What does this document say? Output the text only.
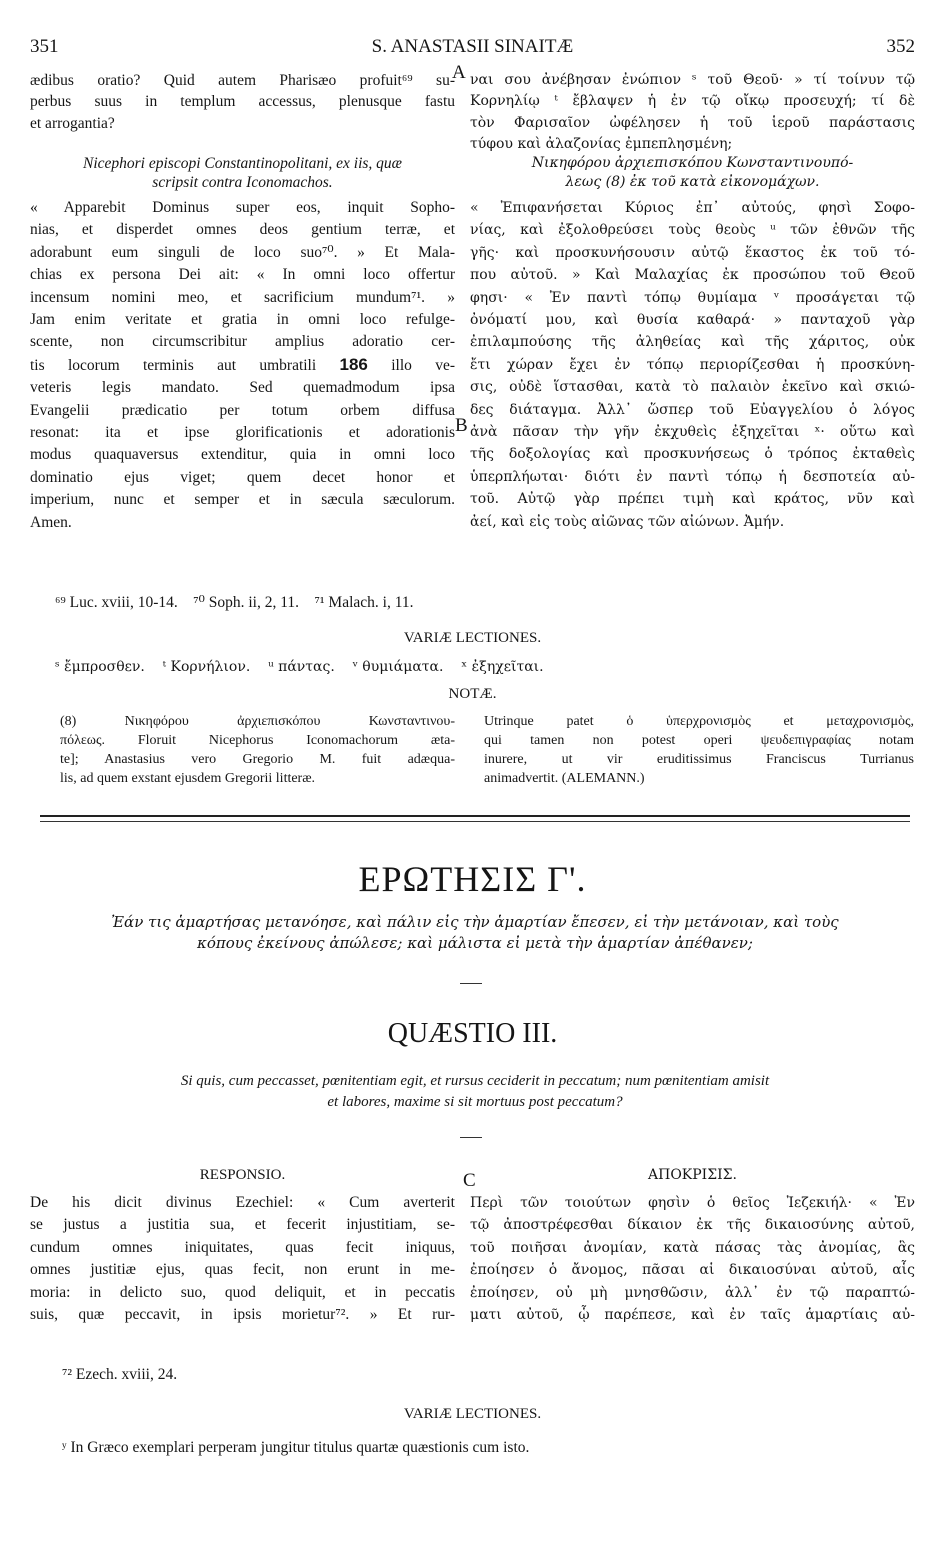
351	S. ANASTASII SINAITÆ	352
A
B
C
ædibus oratio? Quid autem Pharisæo profuit⁶⁹ su-
perbus suus in templum accessus, plenusque fastu
et arrogantia?
ναι σου ἀνέβησαν ἐνώπιον ˢ τοῦ Θεοῦ· » τί τοίνυν τῷ
Κορνηλίῳ ᵗ ἔβλαψεν ἡ ἐν τῷ οἴκῳ προσευχή; τί δὲ
τὸν Φαρισαῖον ὠφέλησεν ἡ τοῦ ἱεροῦ παράστασις
τύφου καὶ ἀλαζονίας ἐμπεπλησμένη;
Nicephori episcopi Constantinopolitani, ex iis, quæ
scripsit contra Iconomachos.
Νικηφόρου ἀρχιεπισκόπου Κωνσταντινουπό-
λεως (8) ἐκ τοῦ κατὰ εἰκονομάχων.
« Apparebit Dominus super eos, inquit Sopho-
nias, et disperdet omnes deos gentium terræ, et
adorabunt eum singuli de loco suo⁷⁰. » Et Mala-
chias ex persona Dei ait: « In omni loco offertur
incensum nomini meo, et sacrificium mundum⁷¹. »
Jam enim veritate et gratia in omni loco refulge-
scente, non circumscribitur amplius adoratio cer-
tis locorum terminis aut umbratili 186 illo ve-
veteris legis mandato. Sed quemadmodum ipsa
Evangelii prædicatio per totum orbem diffusa
resonat: ita et ipse glorificationis et adorationis
modus quaquaversus extenditur, quia in omni loco
dominatio ejus viget; quem decet honor et
imperium, nunc et semper et in sæcula sæculorum.
Amen.
« Ἐπιφανήσεται Κύριος ἐπ᾽ αὐτούς, φησὶ Σοφο-
νίας, καὶ ἐξολοθρεύσει τοὺς θεοὺς ᵘ τῶν ἐθνῶν τῆς
γῆς· καὶ προσκυνήσουσιν αὐτῷ ἕκαστος ἐκ τοῦ τό-
που αὐτοῦ. » Καὶ Μαλαχίας ἐκ προσώπου τοῦ Θεοῦ
φησι· « Ἐν παντὶ τόπῳ θυμίαμα ᵛ προσάγεται τῷ
ὀνόματί μου, καὶ θυσία καθαρά· » πανταχοῦ γὰρ
ἐπιλαμπούσης τῆς ἀληθείας καὶ τῆς χάριτος, οὐκ
ἔτι χώραν ἔχει ἐν τόπῳ περιορίζεσθαι ἡ προσκύνη-
σις, οὐδὲ ἵστασθαι, κατὰ τὸ παλαιὸν ἐκεῖνο καὶ σκιώ-
δες διάταγμα. Ἀλλ᾽ ὥσπερ τοῦ Εὐαγγελίου ὁ λόγος
ἀνὰ πᾶσαν τὴν γῆν ἐκχυθεὶς ἐξηχεῖται ˣ· οὕτω καὶ
τῆς δοξολογίας καὶ προσκυνήσεως ὁ τρόπος ἐκταθεὶς
ὑπερπλήωται· διότι ἐν παντὶ τόπῳ ἡ δεσποτεία αὐ-
τοῦ. Αὐτῷ γὰρ πρέπει τιμὴ καὶ κράτος, νῦν καὶ
ἀεί, καὶ εἰς τοὺς αἰῶνας τῶν αἰώνων. Ἀμήν.
⁶⁹ Luc. xviii, 10-14.    ⁷⁰ Soph. ii, 2, 11.    ⁷¹ Malach. i, 11.
VARIÆ LECTIONES.
ˢ ἔμπροσθεν.    ᵗ Κορνήλιον.    ᵘ πάντας.    ᵛ θυμιάματα.    ˣ ἐξηχεῖται.
NOTÆ.
(8) Νικηφόρου ἀρχιεπισκόπου Κωνσταντινου-
πόλεως. Floruit Nicephorus Iconomachorum æta-
te]; Anastasius vero Gregorio M. fuit adæqua-
lis, ad quem exstant ejusdem Gregorii litteræ.
Utrinque patet ὁ ὑπερχρονισμὸς et μεταχρονισμὸς,
qui tamen non potest operi ψευδεπιγραφίας notam
inurere, ut vir eruditissimus Franciscus Turrianus
animadvertit. (ALEMANN.)
ΕΡΩΤΗΣΙΣ Γ'.
Ἐάν τις ἁμαρτήσας μετανόησε, καὶ πάλιν εἰς τὴν ἁμαρτίαν ἔπεσεν, εἰ τὴν μετάνοιαν, καὶ τοὺς
κόπους ἐκείνους ἀπώλεσε; καὶ μάλιστα εἰ μετὰ τὴν ἁμαρτίαν ἀπέθανεν;
QUÆSTIO III.
Si quis, cum peccasset, pœnitentiam egit, et rursus ceciderit in peccatum; num pœnitentiam amisit
et labores, maxime si sit mortuus post peccatum?
RESPONSIO.	ΑΠΟΚΡΙΣΙΣ.
De his dicit divinus Ezechiel: « Cum averterit
se justus a justitia sua, et fecerit injustitiam, se-
cundum omnes iniquitates, quas fecit iniquus,
omnes justitiæ ejus, quas fecit, non erunt in me-
moria: in delicto suo, quod deliquit, et in peccatis
suis, quæ peccavit, in ipsis morietur⁷². » Et rur-
Περὶ τῶν τοιούτων φησὶν ὁ θεῖος Ἰεζεκιήλ· « Ἐν
τῷ ἀποστρέφεσθαι δίκαιον ἐκ τῆς δικαιοσύνης αὐτοῦ,
τοῦ ποιῆσαι ἀνομίαν, κατὰ πάσας τὰς ἀνομίας, ἃς
ἐποίησεν ὁ ἄνομος, πᾶσαι αἱ δικαιοσύναι αὐτοῦ, αἷς
ἐποίησεν, οὐ μὴ μνησθῶσιν, ἀλλ᾽ ἐν τῷ παραπτώ-
ματι αὐτοῦ, ᾧ παρέπεσε, καὶ ἐν ταῖς ἁμαρτίαις αὐ-
⁷² Ezech. xviii, 24.
VARIÆ LECTIONES.
ʸ In Græco exemplari perperam jungitur titulus quartæ quæstionis cum isto.
